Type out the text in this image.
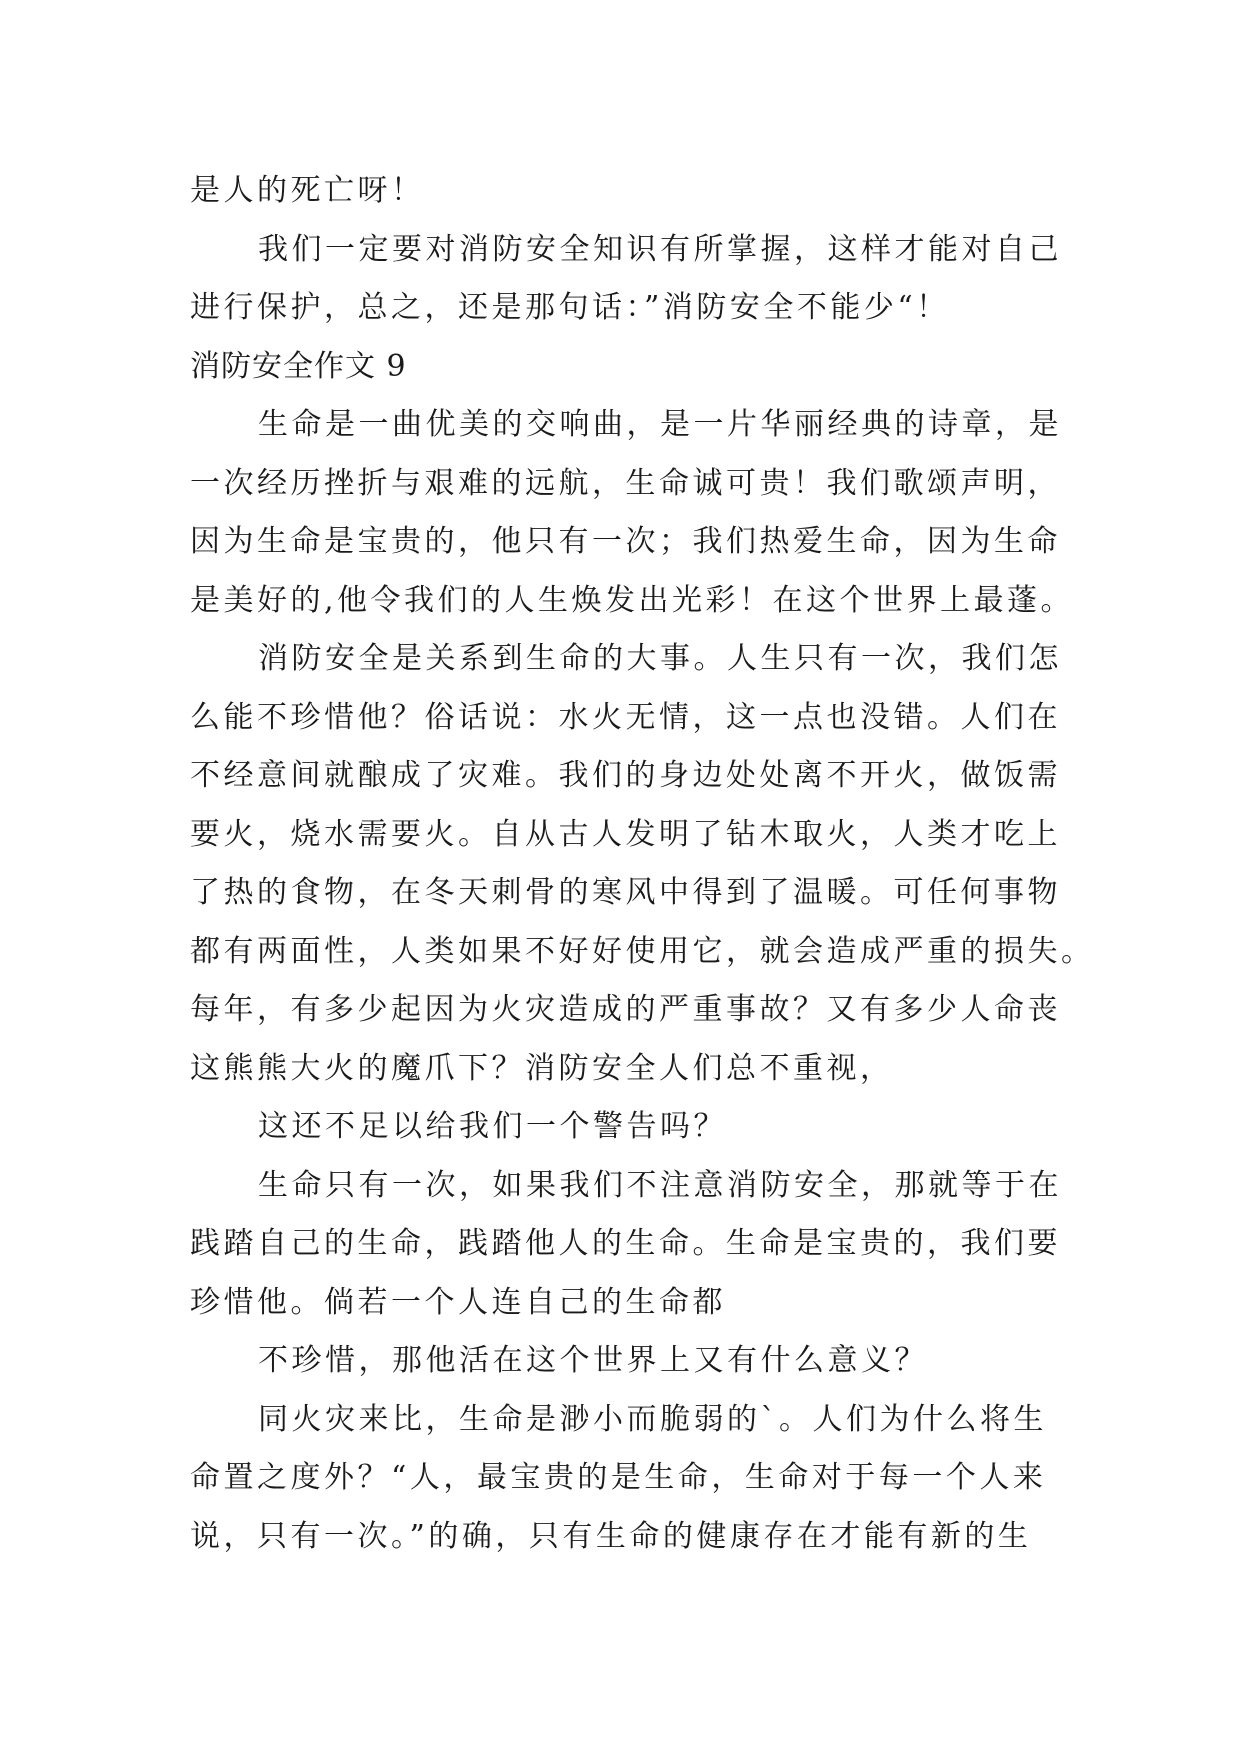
是人的死亡呀！
我们一定要对消防安全知识有所掌握，这样才能对自己
进行保护，总之，还是那句话：”消防安全不能少“！
消防安全作文 9
生命是一曲优美的交响曲，是一片华丽经典的诗章，是
一次经历挫折与艰难的远航，生命诚可贵！我们歌颂声明，
因为生命是宝贵的，他只有一次；我们热爱生命，因为生命
是美好的,他令我们的人生焕发出光彩！在这个世界上最蓬。
消防安全是关系到生命的大事。人生只有一次，我们怎
么能不珍惜他？俗话说：水火无情，这一点也没错。人们在
不经意间就酿成了灾难。我们的身边处处离不开火，做饭需
要火，烧水需要火。自从古人发明了钻木取火，人类才吃上
了热的食物，在冬天刺骨的寒风中得到了温暖。可任何事物
都有两面性，人类如果不好好使用它，就会造成严重的损失。
每年，有多少起因为火灾造成的严重事故？又有多少人命丧
这熊熊大火的魔爪下？消防安全人们总不重视，
这还不足以给我们一个警告吗？
生命只有一次，如果我们不注意消防安全，那就等于在
践踏自己的生命，践踏他人的生命。生命是宝贵的，我们要
珍惜他。倘若一个人连自己的生命都
不珍惜，那他活在这个世界上又有什么意义？
同火灾来比，生命是渺小而脆弱的`。人们为什么将生
命置之度外？“人，最宝贵的是生命，生命对于每一个人来
说，只有一次。”的确，只有生命的健康存在才能有新的生
